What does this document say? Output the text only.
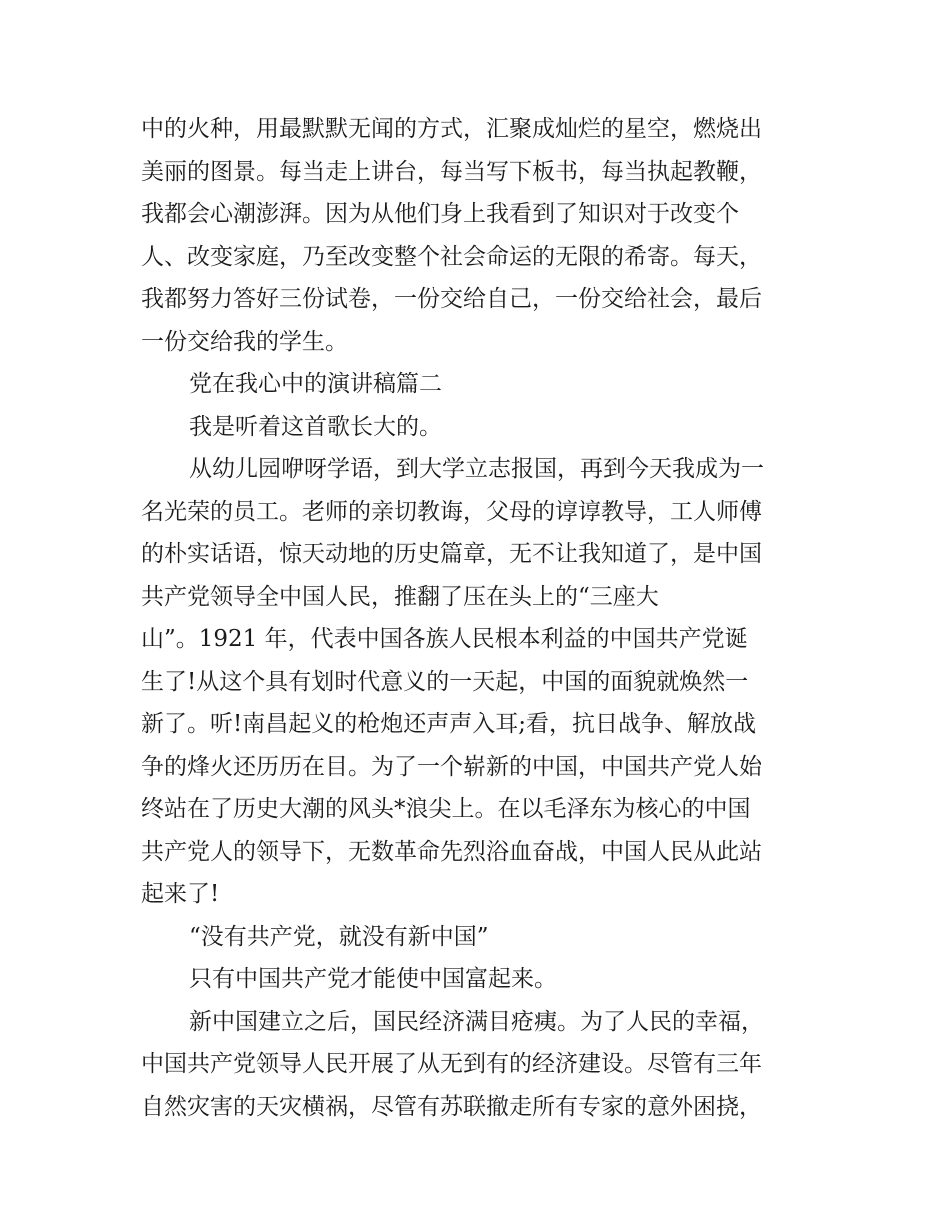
中的火种，用最默默无闻的方式，汇聚成灿烂的星空，燃烧出
美丽的图景。每当走上讲台，每当写下板书，每当执起教鞭，
我都会心潮澎湃。因为从他们身上我看到了知识对于改变个
人、改变家庭，乃至改变整个社会命运的无限的希寄。每天，
我都努力答好三份试卷，一份交给自己，一份交给社会，最后
一份交给我的学生。
党在我心中的演讲稿篇二
我是听着这首歌长大的。
从幼儿园咿呀学语，到大学立志报国，再到今天我成为一
名光荣的员工。老师的亲切教诲，父母的谆谆教导，工人师傅
的朴实话语，惊天动地的历史篇章，无不让我知道了，是中国
共产党领导全中国人民，推翻了压在头上的“三座大
山”。1921 年，代表中国各族人民根本利益的中国共产党诞
生了!从这个具有划时代意义的一天起，中国的面貌就焕然一
新了。听!南昌起义的枪炮还声声入耳;看，抗日战争、解放战
争的烽火还历历在目。为了一个崭新的中国，中国共产党人始
终站在了历史大潮的风头*浪尖上。在以毛泽东为核心的中国
共产党人的领导下，无数革命先烈浴血奋战，中国人民从此站
起来了!
“没有共产党，就没有新中国”
只有中国共产党才能使中国富起来。
新中国建立之后，国民经济满目疮痍。为了人民的幸福，
中国共产党领导人民开展了从无到有的经济建设。尽管有三年
自然灾害的天灾横祸，尽管有苏联撤走所有专家的意外困挠，
